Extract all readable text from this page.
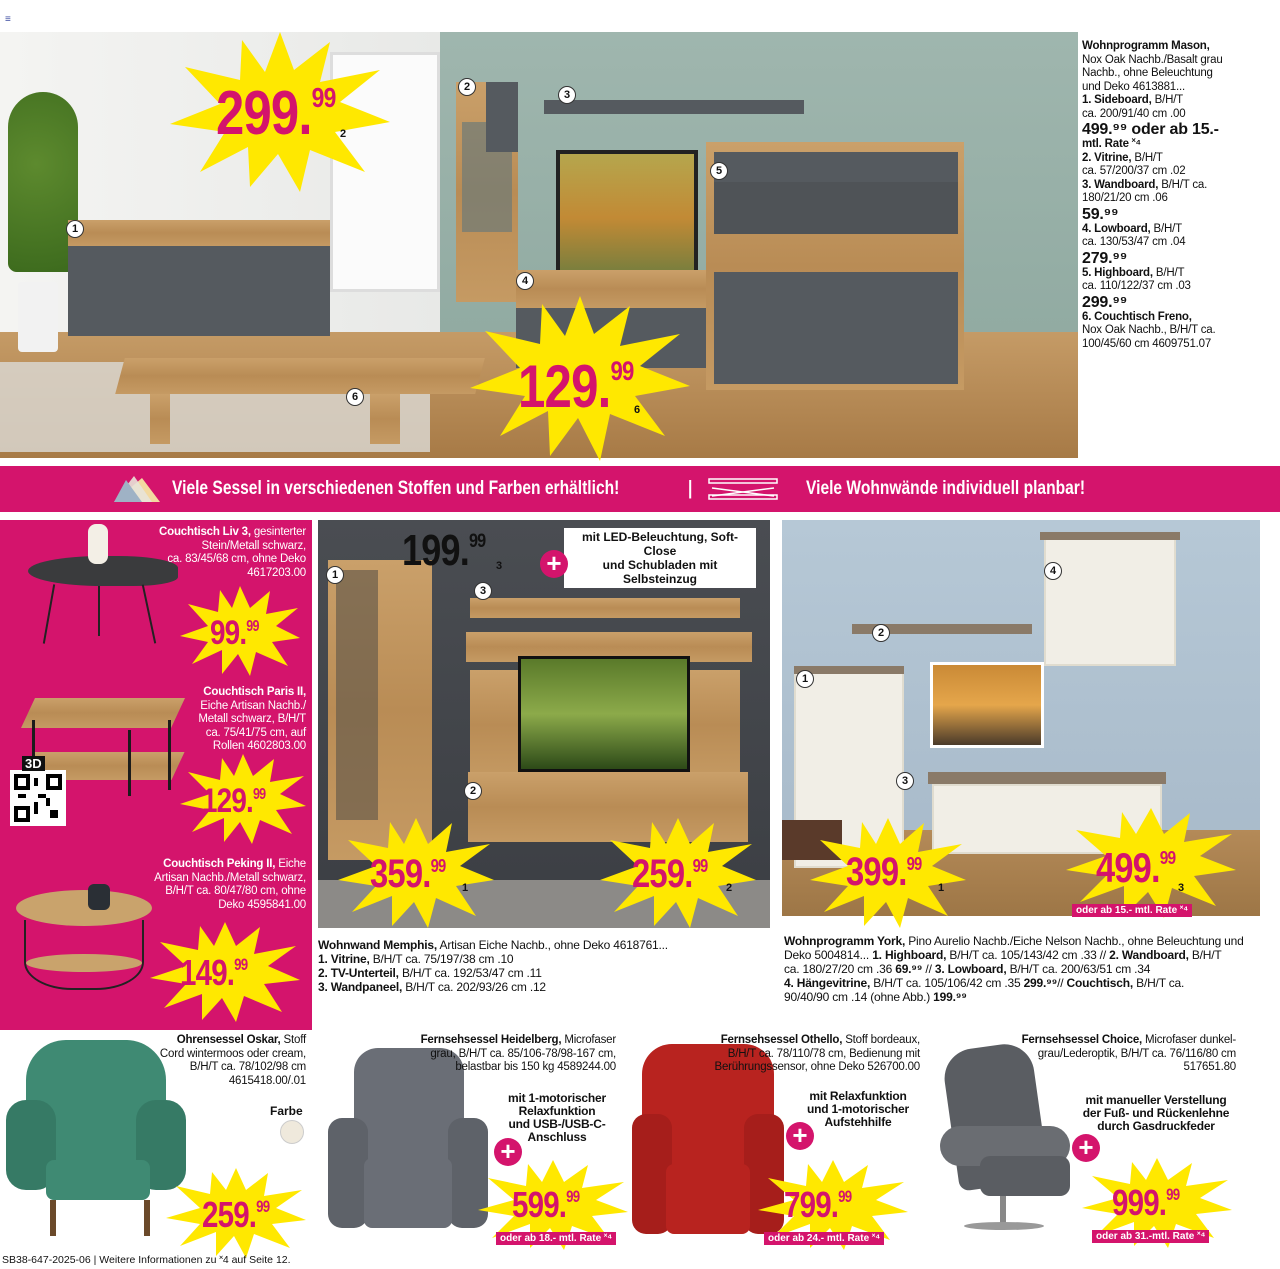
≡
1
2
3
4
5
6
299.99
2
129.99
6
Wohnprogramm Mason,
Nox Oak Nachb./Basalt grau
Nachb., ohne Beleuchtung
und Deko 4613881...
1. Sideboard, B/H/T
ca. 200/91/40 cm .00
499.⁹⁹ oder ab 15.-
mtl. Rate ˟⁴
2. Vitrine, B/H/T
ca. 57/200/37 cm .02
3. Wandboard, B/H/T ca.
180/21/20 cm .06
59.⁹⁹
4. Lowboard, B/H/T
ca. 130/53/47 cm .04
279.⁹⁹
5. Highboard, B/H/T
ca. 110/122/37 cm .03
299.⁹⁹
6. Couchtisch Freno,
Nox Oak Nachb., B/H/T ca.
100/45/60 cm 4609751.07
Viele Sessel in verschiedenen Stoffen und Farben erhältlich!	|	Viele Wohnwände individuell planbar!
Couchtisch Liv 3, gesinterter
Stein/Metall schwarz,
ca. 83/45/68 cm, ohne Deko
4617203.00
99.99
Couchtisch Paris II,
Eiche Artisan Nachb./
Metall schwarz, B/H/T
ca. 75/41/75 cm, auf
Rollen 4602803.00
3D
129.99
Couchtisch Peking II, Eiche
Artisan Nachb./Metall schwarz,
B/H/T ca. 80/47/80 cm, ohne
Deko 4595841.00
149.99
1
2
3
199.99
3
mit LED-Beleuchtung, Soft-Close
und Schubladen mit Selbsteinzug
+
359.99
1	259.99
2
Wohnwand Memphis, Artisan Eiche Nachb., ohne Deko 4618761...
1. Vitrine, B/H/T ca. 75/197/38 cm .10
2. TV-Unterteil, B/H/T ca. 192/53/47 cm .11
3. Wandpaneel, B/H/T ca. 202/93/26 cm .12
1
2
3
4
399.99
1	499.99
3
oder ab 15.- mtl. Rate ˟⁴
Wohnprogramm York, Pino Aurelio Nachb./Eiche Nelson Nachb., ohne Beleuchtung und
Deko 5004814... 1. Highboard, B/H/T ca. 105/143/42 cm .33 // 2. Wandboard, B/H/T
ca. 180/27/20 cm .36 69.⁹⁹ // 3. Lowboard, B/H/T ca. 200/63/51 cm .34
4. Hängevitrine, B/H/T ca. 105/106/42 cm .35 299.⁹⁹// Couchtisch, B/H/T ca.
90/40/90 cm .14 (ohne Abb.) 199.⁹⁹
Ohrensessel Oskar, Stoff
Cord wintermoos oder cream,
B/H/T ca. 78/102/98 cm
4615418.00/.01
Farbe
259.99
Fernsehsessel Heidelberg, Microfaser
grau, B/H/T ca. 85/106-78/98-167 cm,
belastbar bis 150 kg 4589244.00
mit 1-motorischer
Relaxfunktion
und USB-/USB-C-
Anschluss
+
599.99
oder ab 18.- mtl. Rate ˟⁴
Fernsehsessel Othello, Stoff bordeaux,
B/H/T ca. 78/110/78 cm, Bedienung mit
Berührungssensor, ohne Deko 526700.00
mit Relaxfunktion
und 1-motorischer
Aufstehhilfe
+
799.99
oder ab 24.- mtl. Rate ˟⁴
Fernsehsessel Choice, Microfaser dunkel-
grau/Lederoptik, B/H/T ca. 76/116/80 cm
517651.80
mit manueller Verstellung
der Fuß- und Rückenlehne
durch Gasdruckfeder
+
999.99
oder ab 31.-mtl. Rate ˟⁴
SB38-647-2025-06 | Weitere Informationen zu ˟4 auf Seite 12.
